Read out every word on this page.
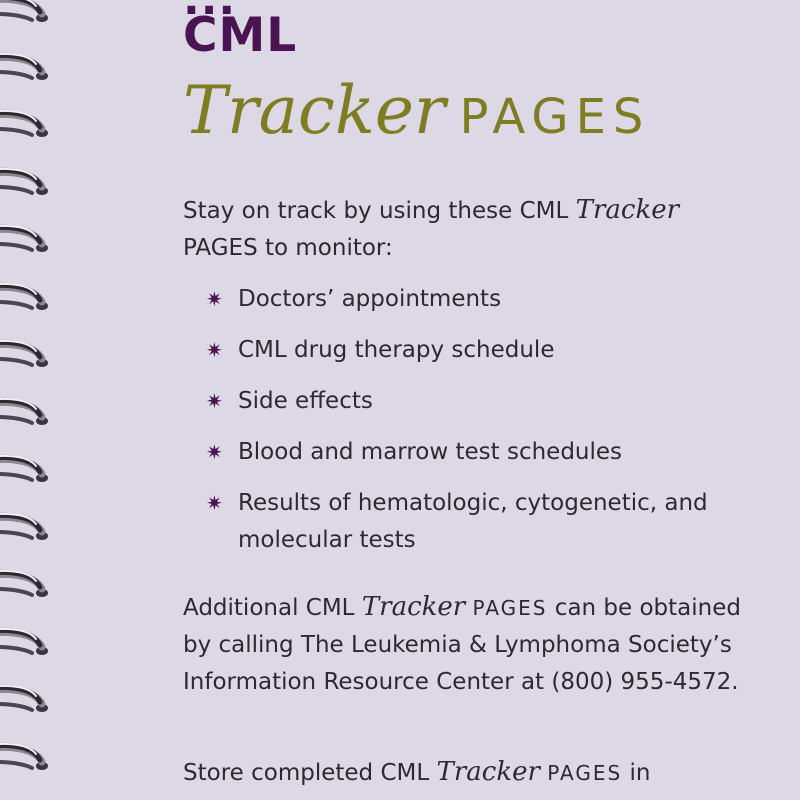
CML
Tracker PAGES
Stay on track by using these CML Tracker
PAGES to monitor:
✷ Doctors’ appointments
✷ CML drug therapy schedule
✷ Side effects
✷ Blood and marrow test schedules
✷ Results of hematologic, cytogenetic, and molecular tests
Additional CML Tracker PAGES can be obtained by calling The Leukemia & Lymphoma Society’s Information Resource Center at (800) 955-4572.
Store completed CML Tracker PAGES in
